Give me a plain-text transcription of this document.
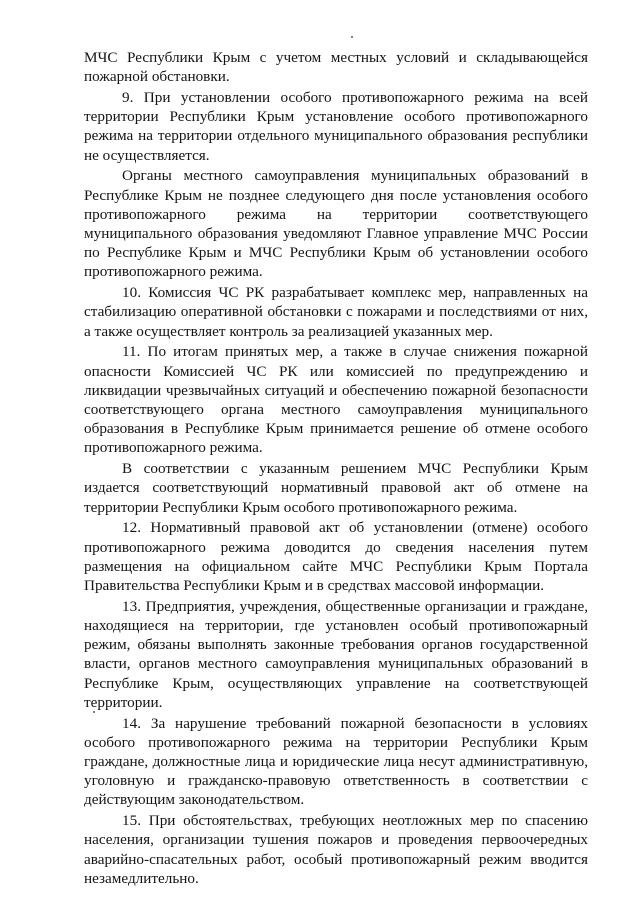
МЧС Республики Крым с учетом местных условий и складывающейся пожарной обстановки.

9. При установлении особого противопожарного режима на всей территории Республики Крым установление особого противопожарного режима на территории отдельного муниципального образования республики не осуществляется.

Органы местного самоуправления муниципальных образований в Республике Крым не позднее следующего дня после установления особого противопожарного режима на территории соответствующего муниципального образования уведомляют Главное управление МЧС России по Республике Крым и МЧС Республики Крым об установлении особого противопожарного режима.

10. Комиссия ЧС РК разрабатывает комплекс мер, направленных на стабилизацию оперативной обстановки с пожарами и последствиями от них, а также осуществляет контроль за реализацией указанных мер.

11. По итогам принятых мер, а также в случае снижения пожарной опасности Комиссией ЧС РК или комиссией по предупреждению и ликвидации чрезвычайных ситуаций и обеспечению пожарной безопасности соответствующего органа местного самоуправления муниципального образования в Республике Крым принимается решение об отмене особого противопожарного режима.

В соответствии с указанным решением МЧС Республики Крым издается соответствующий нормативный правовой акт об отмене на территории Республики Крым особого противопожарного режима.

12. Нормативный правовой акт об установлении (отмене) особого противопожарного режима доводится до сведения населения путем размещения на официальном сайте МЧС Республики Крым Портала Правительства Республики Крым и в средствах массовой информации.

13. Предприятия, учреждения, общественные организации и граждане, находящиеся на территории, где установлен особый противопожарный режим, обязаны выполнять законные требования органов государственной власти, органов местного самоуправления муниципальных образований в Республике Крым, осуществляющих управление на соответствующей территории.

14. За нарушение требований пожарной безопасности в условиях особого противопожарного режима на территории Республики Крым граждане, должностные лица и юридические лица несут административную, уголовную и гражданско-правовую ответственность в соответствии с действующим законодательством.

15. При обстоятельствах, требующих неотложных мер по спасению населения, организации тушения пожаров и проведения первоочередных аварийно-спасательных работ, особый противопожарный режим вводится незамедлительно.
